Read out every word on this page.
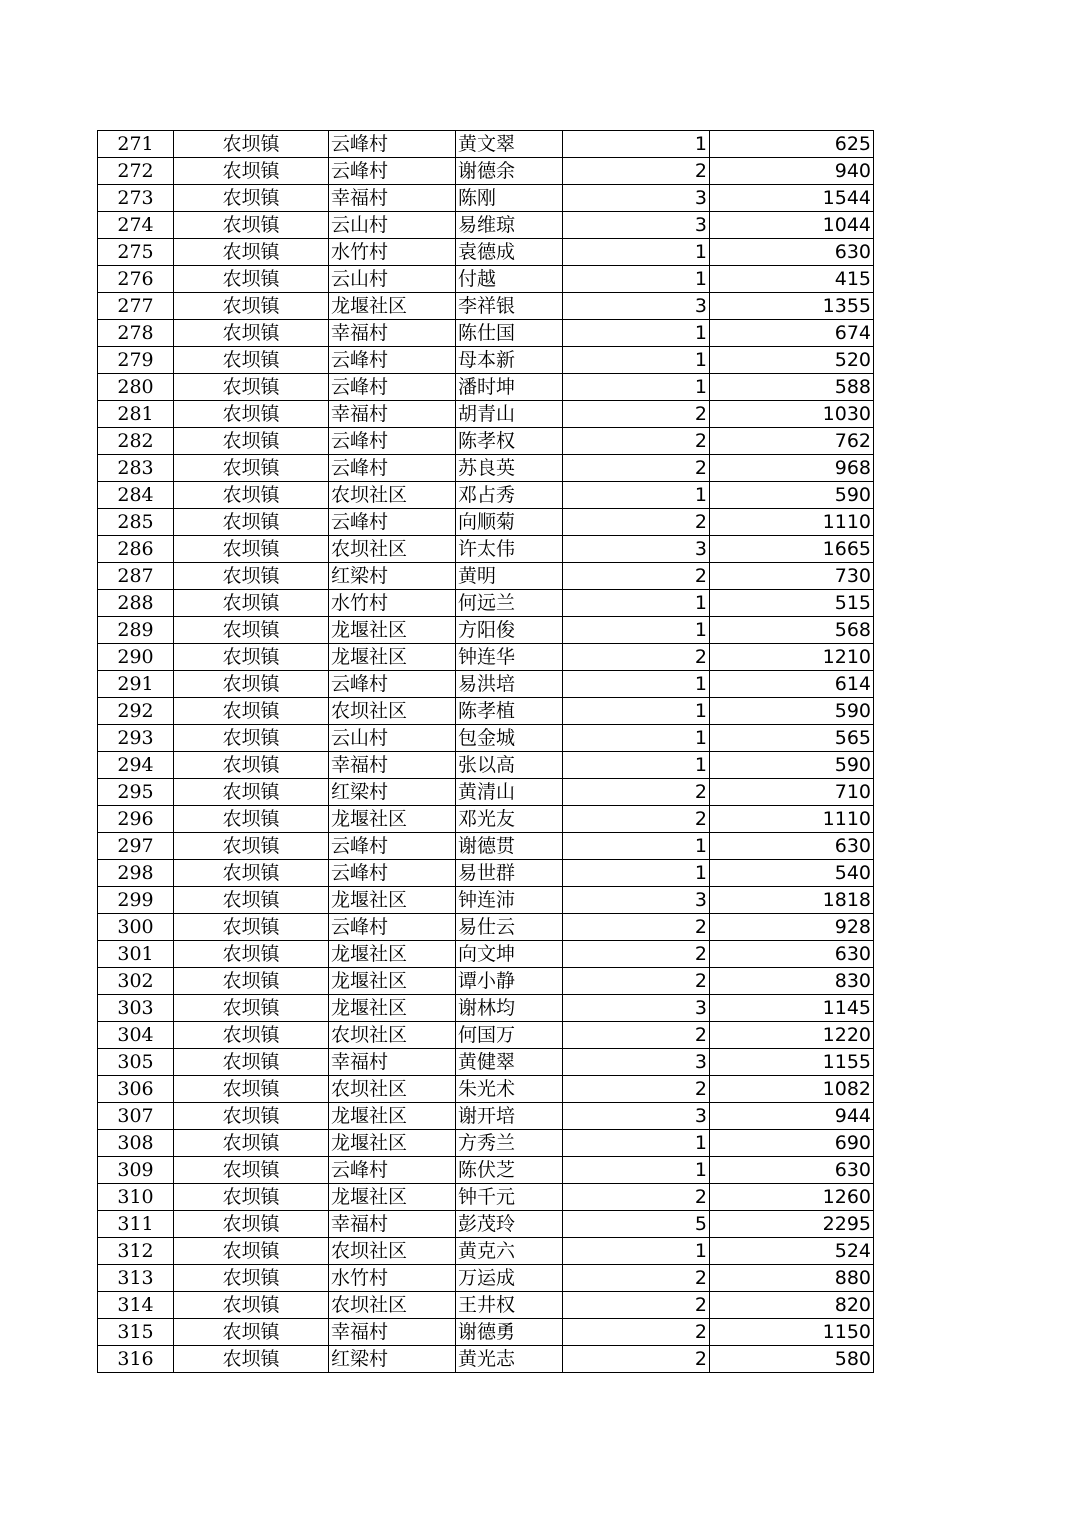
271	农坝镇	云峰村	黄文翠	1	625
272	农坝镇	云峰村	谢德余	2	940
273	农坝镇	幸福村	陈刚	3	1544
274	农坝镇	云山村	易维琼	3	1044
275	农坝镇	水竹村	袁德成	1	630
276	农坝镇	云山村	付越	1	415
277	农坝镇	龙堰社区	李祥银	3	1355
278	农坝镇	幸福村	陈仕国	1	674
279	农坝镇	云峰村	母本新	1	520
280	农坝镇	云峰村	潘时坤	1	588
281	农坝镇	幸福村	胡青山	2	1030
282	农坝镇	云峰村	陈孝权	2	762
283	农坝镇	云峰村	苏良英	2	968
284	农坝镇	农坝社区	邓占秀	1	590
285	农坝镇	云峰村	向顺菊	2	1110
286	农坝镇	农坝社区	许太伟	3	1665
287	农坝镇	红梁村	黄明	2	730
288	农坝镇	水竹村	何远兰	1	515
289	农坝镇	龙堰社区	方阳俊	1	568
290	农坝镇	龙堰社区	钟连华	2	1210
291	农坝镇	云峰村	易洪培	1	614
292	农坝镇	农坝社区	陈孝植	1	590
293	农坝镇	云山村	包金城	1	565
294	农坝镇	幸福村	张以高	1	590
295	农坝镇	红梁村	黄清山	2	710
296	农坝镇	龙堰社区	邓光友	2	1110
297	农坝镇	云峰村	谢德贯	1	630
298	农坝镇	云峰村	易世群	1	540
299	农坝镇	龙堰社区	钟连沛	3	1818
300	农坝镇	云峰村	易仕云	2	928
301	农坝镇	龙堰社区	向文坤	2	630
302	农坝镇	龙堰社区	谭小静	2	830
303	农坝镇	龙堰社区	谢林均	3	1145
304	农坝镇	农坝社区	何国万	2	1220
305	农坝镇	幸福村	黄健翠	3	1155
306	农坝镇	农坝社区	朱光术	2	1082
307	农坝镇	龙堰社区	谢开培	3	944
308	农坝镇	龙堰社区	方秀兰	1	690
309	农坝镇	云峰村	陈伏芝	1	630
310	农坝镇	龙堰社区	钟千元	2	1260
311	农坝镇	幸福村	彭茂玲	5	2295
312	农坝镇	农坝社区	黄克六	1	524
313	农坝镇	水竹村	万运成	2	880
314	农坝镇	农坝社区	王井权	2	820
315	农坝镇	幸福村	谢德勇	2	1150
316	农坝镇	红梁村	黄光志	2	580
